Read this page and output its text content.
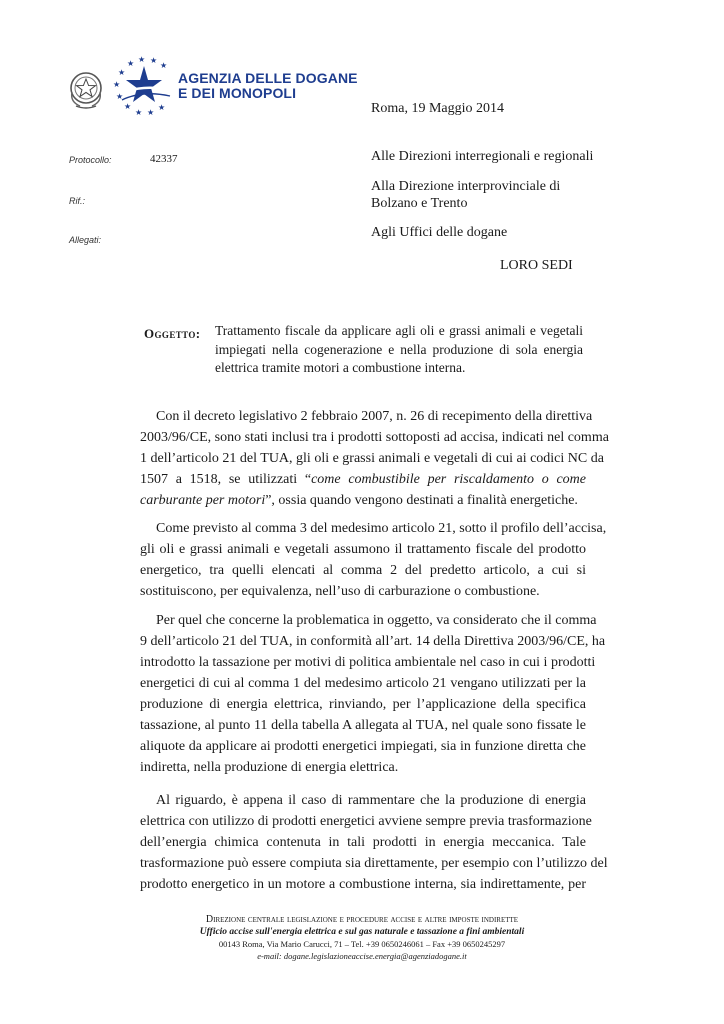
★ ★
★
★
★
★
★
★
★ ★
★
AGENZIA DELLE DOGANE
E DEI MONOPOLI
Roma, 19 Maggio 2014
Protocollo:	42337
Rif.:
Allegati:
Alle Direzioni interregionali e regionali
Alla Direzione interprovinciale di
Bolzano e Trento
Agli Uffici delle dogane
LORO SEDI
Oggetto: Trattamento fiscale da applicare agli oli e grassi animali e vegetali
impiegati nella cogenerazione e nella produzione di sola energia
elettrica tramite motori a combustione interna.
Con il decreto legislativo 2 febbraio 2007, n. 26 di recepimento della direttiva
2003/96/CE, sono stati inclusi tra i prodotti sottoposti ad accisa, indicati nel comma
1 dell’articolo 21 del TUA, gli oli e grassi animali e vegetali di cui ai codici NC da
1507 a 1518, se utilizzati “come combustibile per riscaldamento o come
carburante per motori”, ossia quando vengono destinati a finalità energetiche.
Come previsto al comma 3 del medesimo articolo 21, sotto il profilo dell’accisa,
gli oli e grassi animali e vegetali assumono il trattamento fiscale del prodotto
energetico, tra quelli elencati al comma 2 del predetto articolo, a cui si
sostituiscono, per equivalenza, nell’uso di carburazione o combustione.
Per quel che concerne la problematica in oggetto, va considerato che il comma
9 dell’articolo 21 del TUA, in conformità all’art. 14 della Direttiva 2003/96/CE, ha
introdotto la tassazione per motivi di politica ambientale nel caso in cui i prodotti
energetici di cui al comma 1 del medesimo articolo 21 vengano utilizzati per la
produzione di energia elettrica, rinviando, per l’applicazione della specifica
tassazione, al punto 11 della tabella A allegata al TUA, nel quale sono fissate le
aliquote da applicare ai prodotti energetici impiegati, sia in funzione diretta che
indiretta, nella produzione di energia elettrica.
Al riguardo, è appena il caso di rammentare che la produzione di energia
elettrica con utilizzo di prodotti energetici avviene sempre previa trasformazione
dell’energia chimica contenuta in tali prodotti in energia meccanica. Tale
trasformazione può essere compiuta sia direttamente, per esempio con l’utilizzo del
prodotto energetico in un motore a combustione interna, sia indirettamente, per
Direzione centrale legislazione e procedure accise e altre imposte indirette
Ufficio accise sull'energia elettrica e sul gas naturale e tassazione a fini ambientali
00143 Roma, Via Mario Carucci, 71 – Tel. +39 0650246061 – Fax +39 0650245297
e-mail: dogane.legislazioneaccise.energia@agenziadogane.it
